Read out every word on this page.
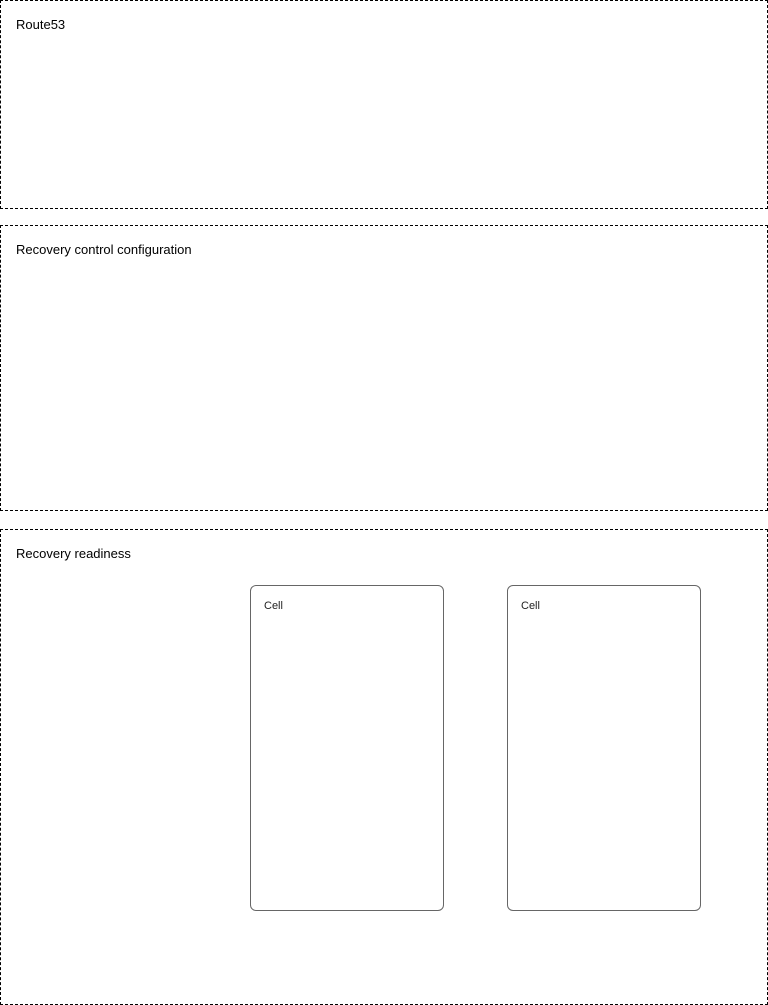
Route53
Recovery control configuration
Recovery readiness
Cell	Cell
